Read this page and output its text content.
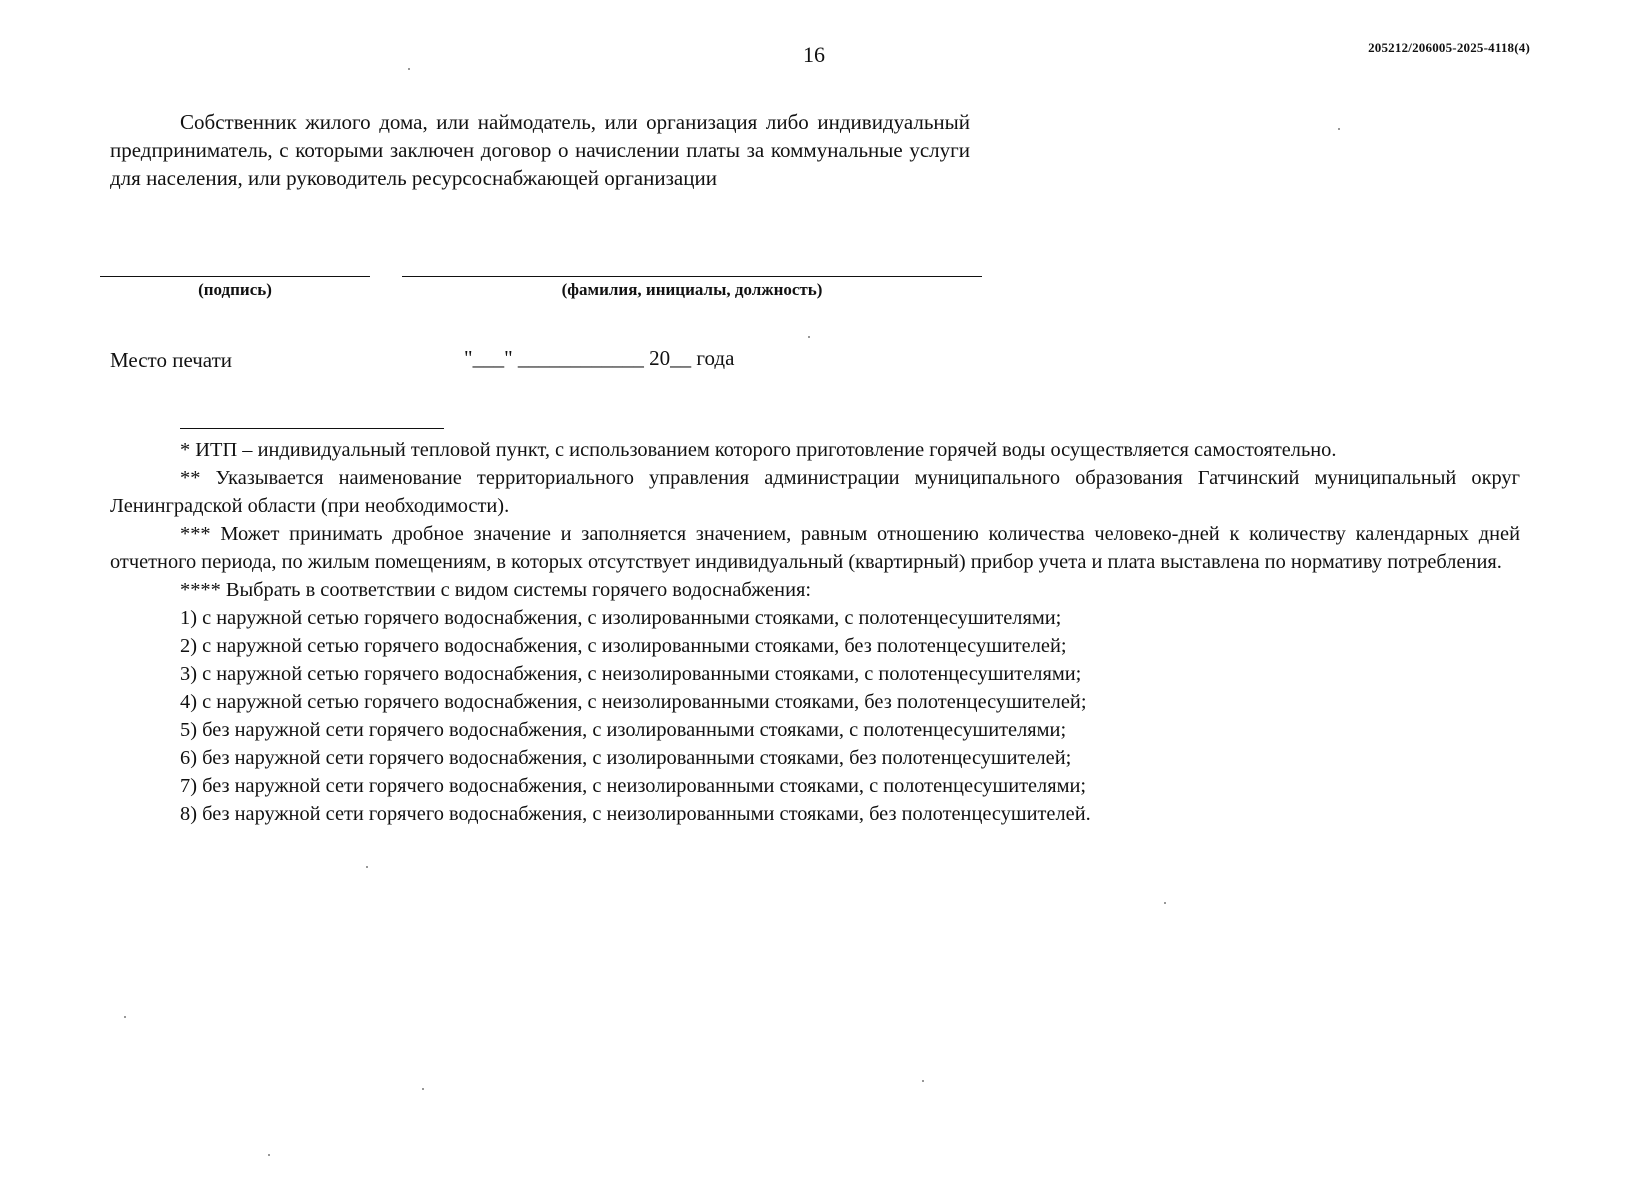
16	205212/206005-2025-4118(4)

Собственник жилого дома, или наймодатель, или организация либо индивидуальный предприниматель, с которыми заключен договор о начислении платы за коммунальные услуги для населения, или руководитель ресурсоснабжающей организации

(подпись)	(фамилия, инициалы, должность)
Место печати	"___" ____________ 20__ года

* ИТП – индивидуальный тепловой пункт, с использованием которого приготовление горячей воды осуществляется самостоятельно.

** Указывается наименование территориального управления администрации муниципального образования Гатчинский муниципальный округ Ленинградской области (при необходимости).

*** Может принимать дробное значение и заполняется значением, равным отношению количества человеко-дней к количеству календарных дней отчетного периода, по жилым помещениям, в которых отсутствует индивидуальный (квартирный) прибор учета и плата выставлена по нормативу потребления.

**** Выбрать в соответствии с видом системы горячего водоснабжения:

1) с наружной сетью горячего водоснабжения, с изолированными стояками, с полотенцесушителями;

2) с наружной сетью горячего водоснабжения, с изолированными стояками, без полотенцесушителей;

3) с наружной сетью горячего водоснабжения, с неизолированными стояками, с полотенцесушителями;

4) с наружной сетью горячего водоснабжения, с неизолированными стояками, без полотенцесушителей;

5) без наружной сети горячего водоснабжения, с изолированными стояками, с полотенцесушителями;

6) без наружной сети горячего водоснабжения, с изолированными стояками, без полотенцесушителей;

7) без наружной сети горячего водоснабжения, с неизолированными стояками, с полотенцесушителями;

8) без наружной сети горячего водоснабжения, с неизолированными стояками, без полотенцесушителей.
